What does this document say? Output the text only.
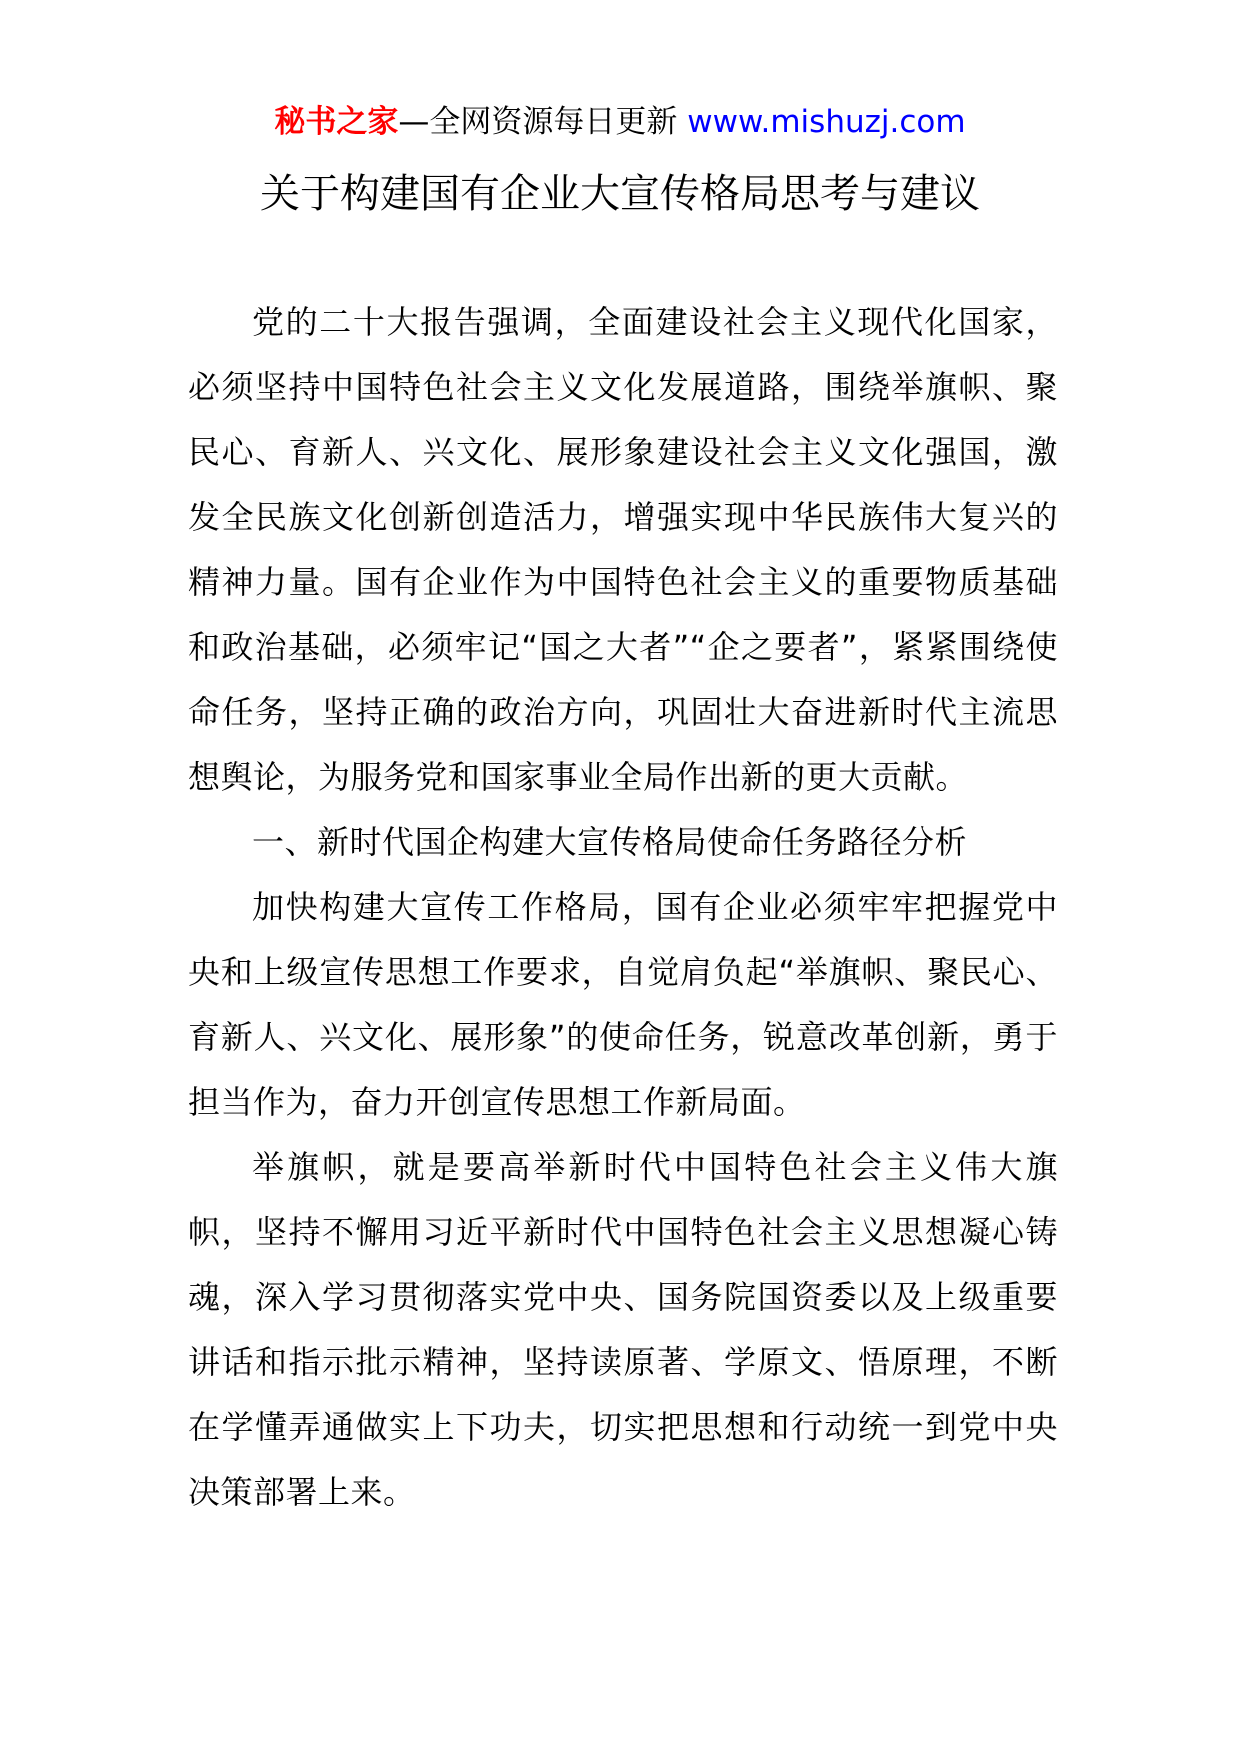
秘书之家—全网资源每日更新 www.mishuzj.com
关于构建国有企业大宣传格局思考与建议

党的二十大报告强调，全面建设社会主义现代化国家，必须坚持中国特色社会主义文化发展道路，围绕举旗帜、聚民心、育新人、兴文化、展形象建设社会主义文化强国，激发全民族文化创新创造活力，增强实现中华民族伟大复兴的精神力量。国有企业作为中国特色社会主义的重要物质基础和政治基础，必须牢记“国之大者”“企之要者”，紧紧围绕使命任务，坚持正确的政治方向，巩固壮大奋进新时代主流思想舆论，为服务党和国家事业全局作出新的更大贡献。

一、新时代国企构建大宣传格局使命任务路径分析

加快构建大宣传工作格局，国有企业必须牢牢把握党中央和上级宣传思想工作要求，自觉肩负起“举旗帜、聚民心、育新人、兴文化、展形象”的使命任务，锐意改革创新，勇于担当作为，奋力开创宣传思想工作新局面。

举旗帜，就是要高举新时代中国特色社会主义伟大旗帜，坚持不懈用习近平新时代中国特色社会主义思想凝心铸魂，深入学习贯彻落实党中央、国务院国资委以及上级重要讲话和指示批示精神，坚持读原著、学原文、悟原理，不断在学懂弄通做实上下功夫，切实把思想和行动统一到党中央决策部署上来。
